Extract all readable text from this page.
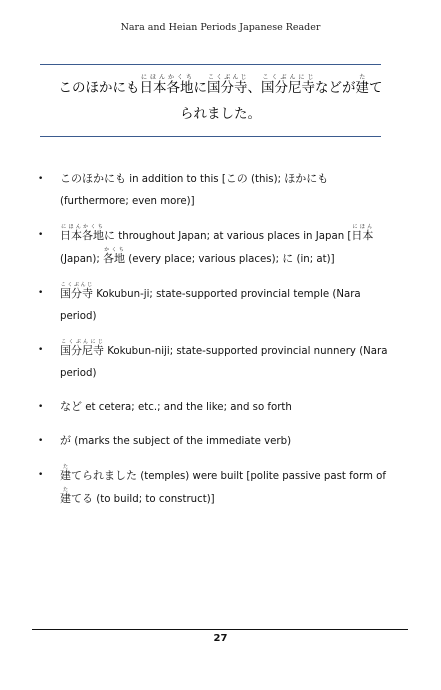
Nara and Heian Periods Japanese Reader
このほかにも日本各地にほんかくちに国分寺こくぶんじ、国分尼寺こくぶんにじなどが建たて
られました。
• このほかにも in addition to this [この (this); ほかにも (furthermore; even more)]
• 日本各地にほんかくちに throughout Japan; at various places in Japan [日本にほん (Japan); 各地かくち (every place; various places); に (in; at)]
• 国分寺こくぶんじ Kokubun-ji; state-supported provincial temple (Nara period)
• 国分尼寺こくぶんにじ Kokubun-niji; state-supported provincial nunnery (Nara period)
• など et cetera; etc.; and the like; and so forth
• が (marks the subject of the immediate verb)
• 建たてられました (temples) were built [polite passive past form of 建たてる (to build; to construct)]
27
